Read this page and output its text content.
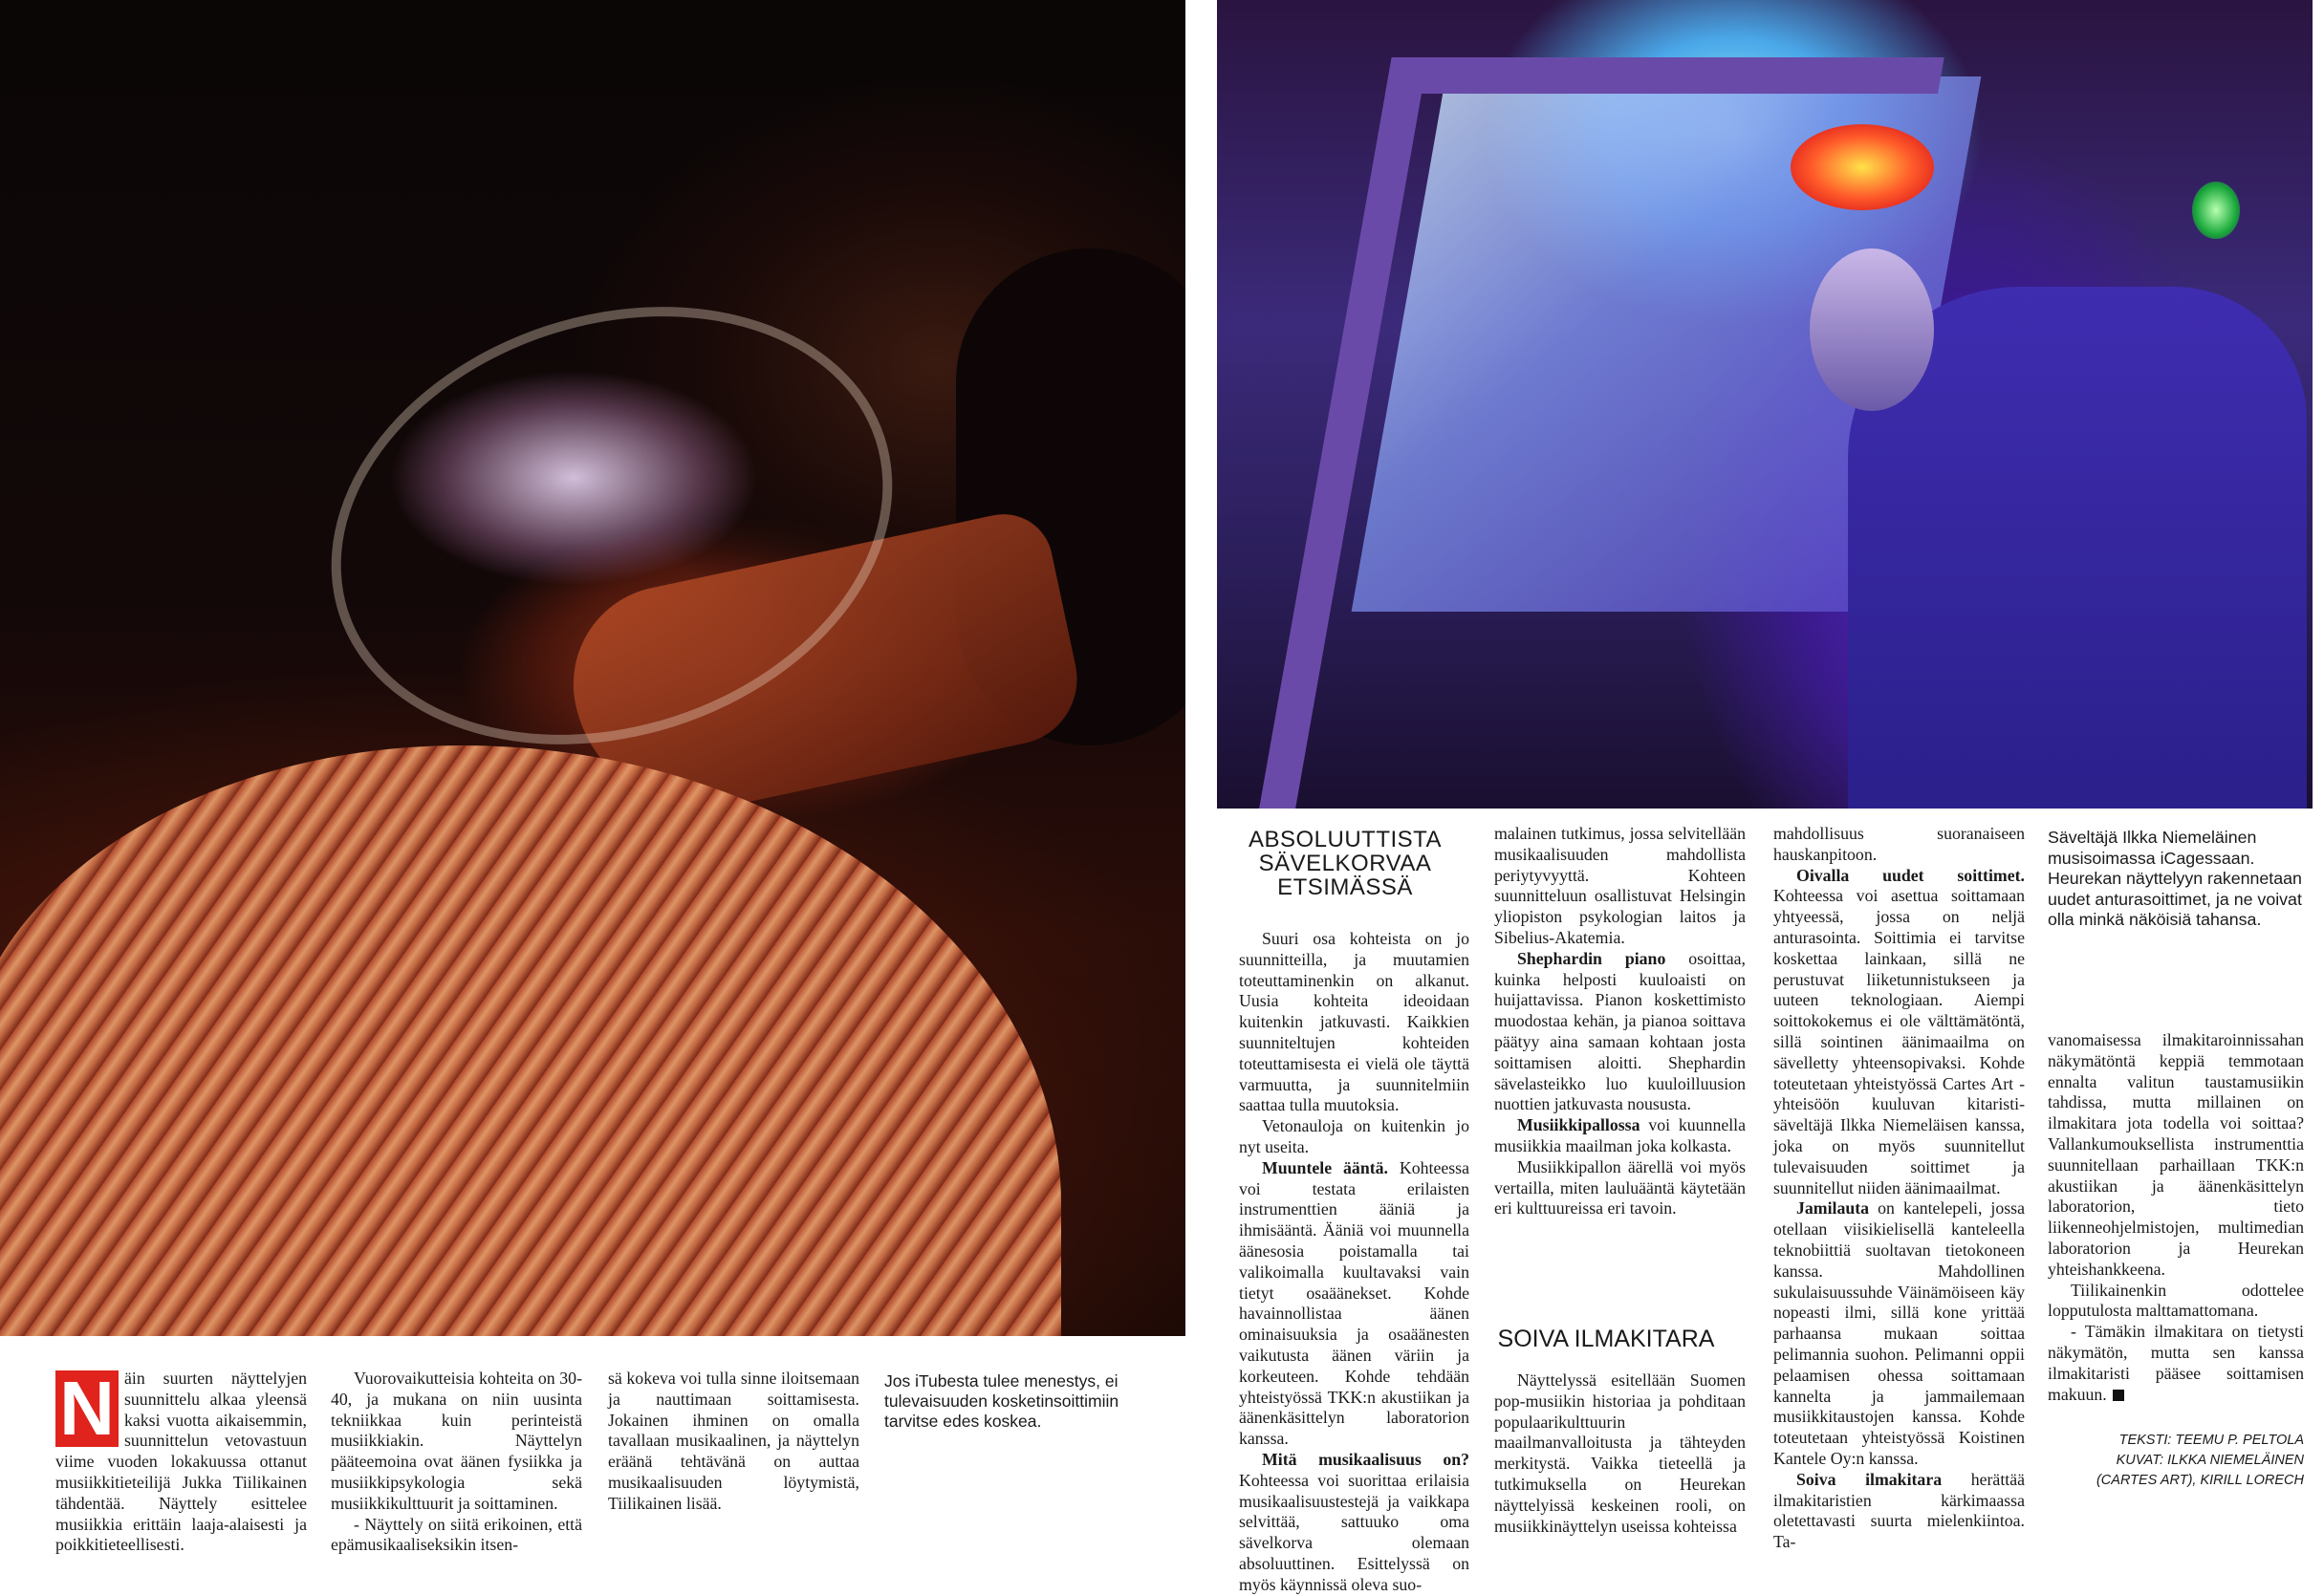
N äin suurten näyttelyjen suunnittelu alkaa yleensä kaksi vuotta aikaisemmin, suunnittelun vetovastuun viime vuoden lokakuussa ottanut musiikkitieteilijä Jukka Tiilikainen tähdentää. Näyttely esittelee musiikkia erittäin laaja-alaisesti ja poikkitieteellisesti.

Vuorovaikutteisia kohteita on 30-40, ja mukana on niin uusinta tekniikkaa kuin perinteistä musiikkiakin. Näyttelyn pääteemoina ovat äänen fysiikka ja musiikkipsykologia sekä musiikkikulttuurit ja soittaminen.

- Näyttely on siitä erikoinen, että epämusikaaliseksikin itsen-

sä kokeva voi tulla sinne iloitsemaan ja nauttimaan soittamisesta. Jokainen ihminen on omalla tavallaan musikaalinen, ja näyttelyn eräänä tehtävänä on auttaa musikaalisuuden löytymistä, Tiilikainen lisää.

Jos iTubesta tulee menestys, ei tulevaisuuden kosketinsoittimiin tarvitse edes koskea.
ABSOLUUTTISTA
SÄVELKORVAA
ETSIMÄSSÄ

Suuri osa kohteista on jo suunnitteilla, ja muutamien toteuttaminenkin on alkanut. Uusia kohteita ideoidaan kuitenkin jatkuvasti. Kaikkien suunniteltujen kohteiden toteuttamisesta ei vielä ole täyttä varmuutta, ja suunnitelmiin saattaa tulla muutoksia.

Vetonauloja on kuitenkin jo nyt useita.

Muuntele ääntä. Kohteessa voi testata erilaisten instrumenttien ääniä ja ihmisääntä. Ääniä voi muunnella äänesosia poistamalla tai valikoimalla kuultavaksi vain tietyt osaäänekset. Kohde havainnollistaa äänen ominaisuuksia ja osaäänesten vaikutusta äänen väriin ja korkeuteen. Kohde tehdään yhteistyössä TKK:n akustiikan ja äänenkäsittelyn laboratorion kanssa.

Mitä musikaalisuus on? Kohteessa voi suorittaa erilaisia musikaalisuustestejä ja vaikkapa selvittää, sattuuko oma sävelkorva olemaan absoluuttinen. Esittelyssä on myös käynnissä oleva suo-

malainen tutkimus, jossa selvitellään musikaalisuuden mahdollista periytyvyyttä. Kohteen suunnitteluun osallistuvat Helsingin yliopiston psykologian laitos ja Sibelius-Akatemia.

Shephardin piano osoittaa, kuinka helposti kuuloaisti on huijattavissa. Pianon koskettimisto muodostaa kehän, ja pianoa soittava päätyy aina samaan kohtaan josta soittamisen aloitti. Shephardin sävelasteikko luo kuuloilluusion nuottien jatkuvasta noususta.

Musiikkipallossa voi kuunnella musiikkia maailman joka kolkasta.

Musiikkipallon äärellä voi myös vertailla, miten lauluääntä käytetään eri kulttuureissa eri tavoin.

SOIVA ILMAKITARA

Näyttelyssä esitellään Suomen pop-musiikin historiaa ja pohditaan populaarikulttuurin maailmanvalloitusta ja tähteyden merkitystä. Vaikka tieteellä ja tutkimuksella on Heurekan näyttelyissä keskeinen rooli, on musiikkinäyttelyn useissa kohteissa

mahdollisuus suoranaiseen hauskanpitoon.

Oivalla uudet soittimet. Kohteessa voi asettua soittamaan yhtyeessä, jossa on neljä anturasointa. Soittimia ei tarvitse koskettaa lainkaan, sillä ne perustuvat liiketunnistukseen ja uuteen teknologiaan. Aiempi soittokokemus ei ole välttämätöntä, sillä sointinen äänimaailma on sävelletty yhteensopivaksi. Kohde toteutetaan yhteistyössä Cartes Art -yhteisöön kuuluvan kitaristi-säveltäjä Ilkka Niemeläisen kanssa, joka on myös suunnitellut tulevaisuuden soittimet ja suunnitellut niiden äänimaailmat.

Jamilauta on kantelepeli, jossa otellaan viisikielisellä kanteleella teknobiittiä suoltavan tietokoneen kanssa. Mahdollinen sukulaisuussuhde Väinämöiseen käy nopeasti ilmi, sillä kone yrittää parhaansa mukaan soittaa pelimannia suohon. Pelimanni oppii pelaamisen ohessa soittamaan kannelta ja jammailemaan musiikkitaustojen kanssa. Kohde toteutetaan yhteistyössä Koistinen Kantele Oy:n kanssa.

Soiva ilmakitara herättää ilmakitaristien kärkimaassa oletettavasti suurta mielenkiintoa. Ta-

Säveltäjä Ilkka Niemeläinen musisoimassa iCagessaan. Heurekan näyttelyyn rakennetaan uudet anturasoittimet, ja ne voivat olla minkä näköisiä tahansa.

vanomaisessa ilmakitaroinnissahan näkymätöntä keppiä temmotaan ennalta valitun taustamusiikin tahdissa, mutta millainen on ilmakitara jota todella voi soittaa? Vallankumouksellista instrumenttia suunnitellaan parhaillaan TKK:n akustiikan ja äänenkäsittelyn laboratorion, tieto liikenneohjelmistojen, multimedian laboratorion ja Heurekan yhteishankkeena.

Tiilikainenkin odottelee lopputulosta malttamattomana.

- Tämäkin ilmakitara on tietysti näkymätön, mutta sen kanssa ilmakitaristi pääsee soittamisen makuun.

TEKSTI: TEEMU P. PELTOLA
KUVAT: ILKKA NIEMELÄINEN
(CARTES ART), KIRILL LORECH
